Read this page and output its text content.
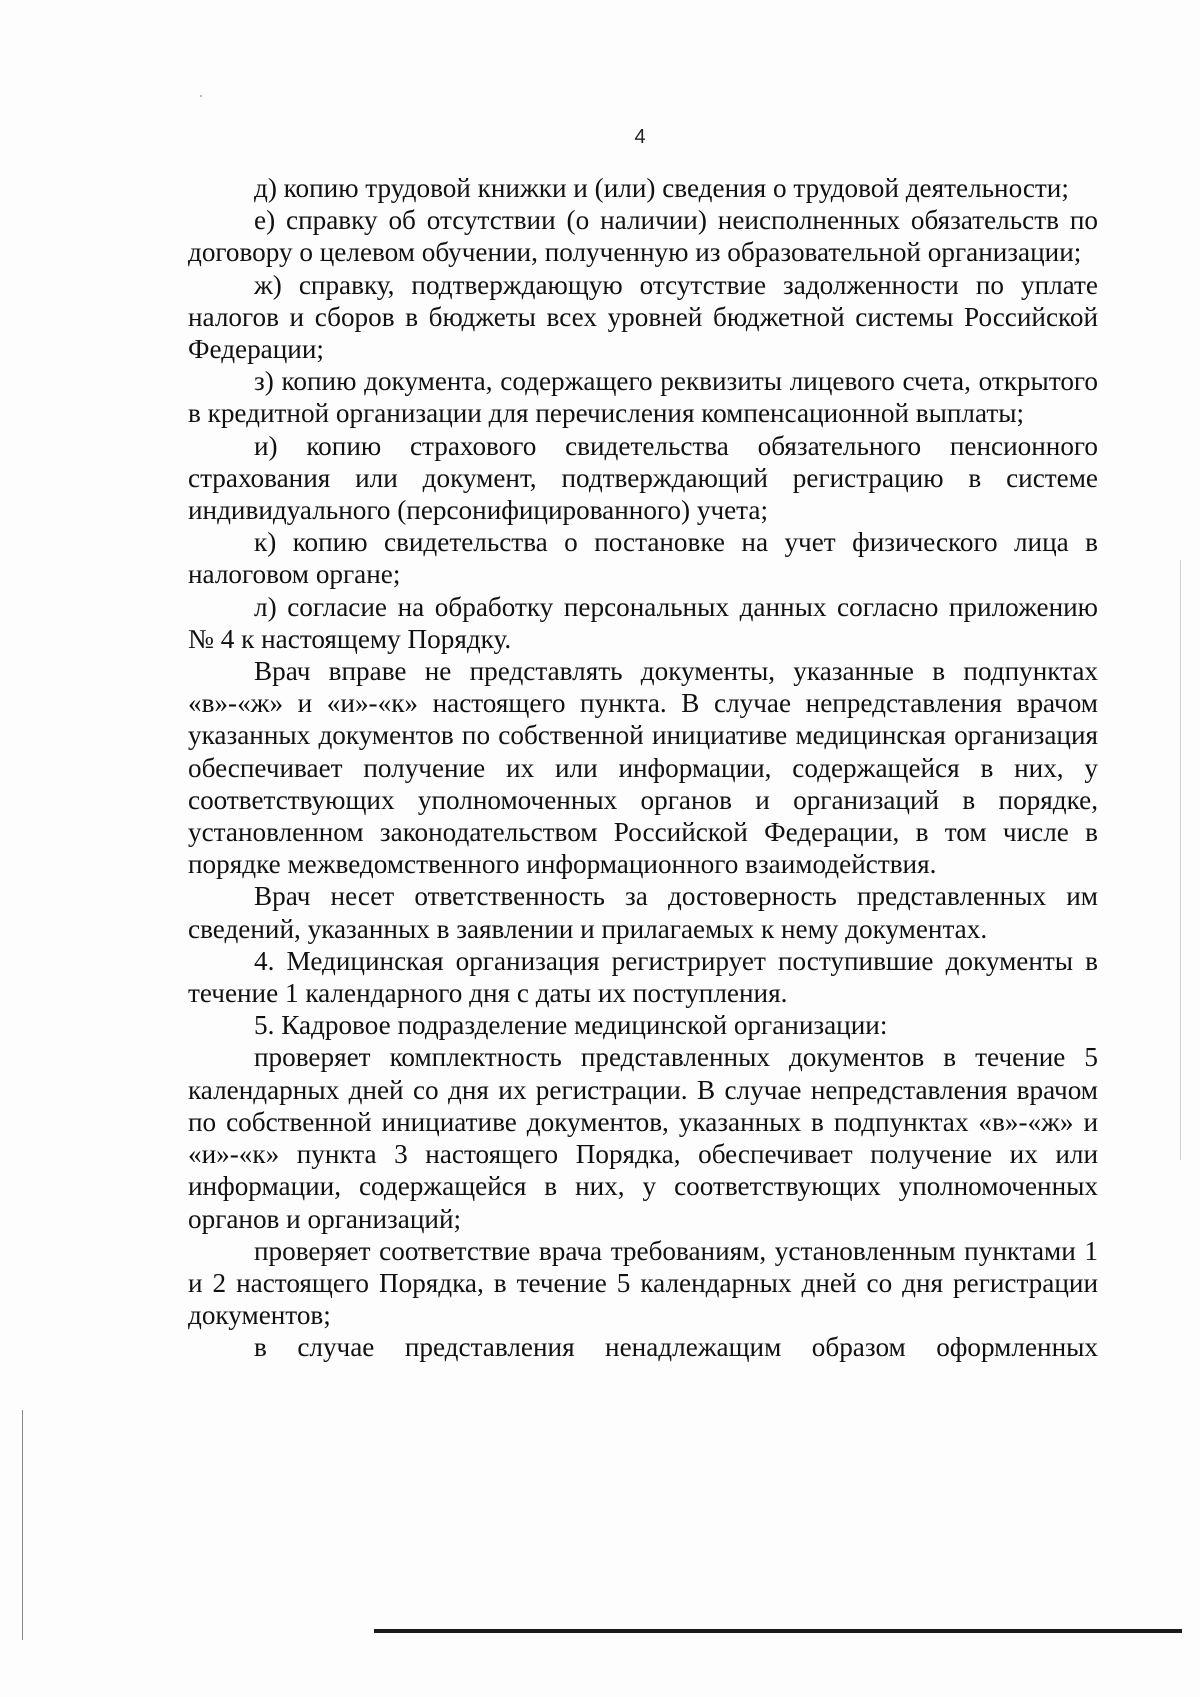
4

д) копию трудовой книжки и (или) сведения о трудовой деятельности;

е) справку об отсутствии (о наличии) неисполненных обязательств по договору о целевом обучении, полученную из образовательной организации;

ж) справку, подтверждающую отсутствие задолженности по уплате налогов и сборов в бюджеты всех уровней бюджетной системы Российской Федерации;

з) копию документа, содержащего реквизиты лицевого счета, открытого в кредитной организации для перечисления компенсационной выплаты;

и) копию страхового свидетельства обязательного пенсионного страхования или документ, подтверждающий регистрацию в системе индивидуального (персонифицированного) учета;

к) копию свидетельства о постановке на учет физического лица в налоговом органе;

л) согласие на обработку персональных данных согласно приложению № 4 к настоящему Порядку.

Врач вправе не представлять документы, указанные в подпунктах «в»-«ж» и «и»-«к» настоящего пункта. В случае непредставления врачом указанных документов по собственной инициативе медицинская организация обеспечивает получение их или информации, содержащейся в них, у соответствующих уполномоченных органов и организаций в порядке, установленном законодательством Российской Федерации, в том числе в порядке межведомственного информационного взаимодействия.

Врач несет ответственность за достоверность представленных им сведений, указанных в заявлении и прилагаемых к нему документах.

4. Медицинская организация регистрирует поступившие документы в течение 1 календарного дня с даты их поступления.

5. Кадровое подразделение медицинской организации:

проверяет комплектность представленных документов в течение 5 календарных дней со дня их регистрации. В случае непредставления врачом по собственной инициативе документов, указанных в подпунктах «в»-«ж» и «и»-«к» пункта 3 настоящего Порядка, обеспечивает получение их или информации, содержащейся в них, у соответствующих уполномоченных органов и организаций;

проверяет соответствие врача требованиям, установленным пунктами 1 и 2 настоящего Порядка, в течение 5 календарных дней со дня регистрации документов;

в случае представления ненадлежащим образом оформленных
